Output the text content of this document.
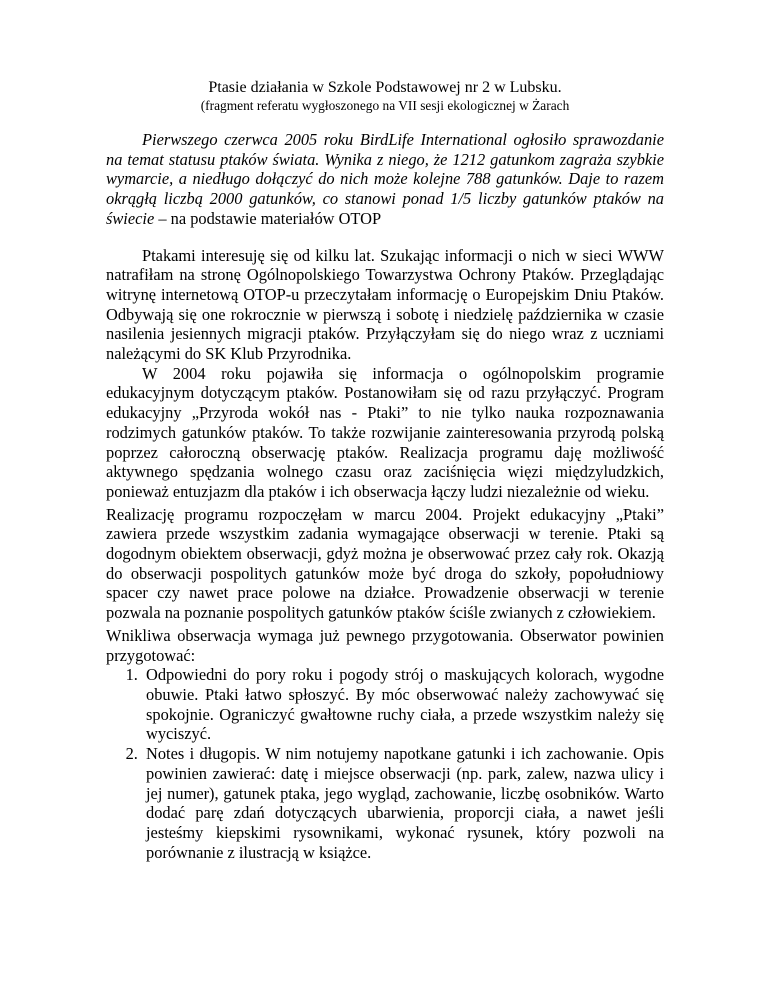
Ptasie działania w Szkole Podstawowej nr 2 w Lubsku.
(fragment referatu wygłoszonego na VII sesji ekologicznej w Żarach

Pierwszego czerwca 2005 roku BirdLife International ogłosiło sprawozdanie na temat statusu ptaków świata. Wynika z niego, że 1212 gatunkom zagraża szybkie wymarcie, a niedługo dołączyć do nich może kolejne 788 gatunków. Daje to razem okrągłą liczbą 2000 gatunków, co stanowi ponad 1/5 liczby gatunków ptaków na świecie – na podstawie materiałów OTOP

Ptakami interesuję się od kilku lat. Szukając informacji o nich w sieci WWW natrafiłam na stronę Ogólnopolskiego Towarzystwa Ochrony Ptaków. Przeglądając witrynę internetową OTOP-u przeczytałam informację o Europejskim Dniu Ptaków. Odbywają się one rokrocznie w pierwszą i sobotę i niedzielę października w czasie nasilenia jesiennych migracji ptaków. Przyłączyłam się do niego wraz z uczniami należącymi do SK Klub Przyrodnika.

W 2004 roku pojawiła się informacja o ogólnopolskim programie edukacyjnym dotyczącym ptaków. Postanowiłam się od razu przyłączyć. Program edukacyjny „Przyroda wokół nas - Ptaki” to nie tylko nauka rozpoznawania rodzimych gatunków ptaków. To także rozwijanie zainteresowania przyrodą polską poprzez całoroczną obserwację ptaków. Realizacja programu daję możliwość aktywnego spędzania wolnego czasu oraz zaciśnięcia więzi międzyludzkich, ponieważ entuzjazm dla ptaków i ich obserwacja łączy ludzi niezależnie od wieku.

Realizację programu rozpoczęłam w marcu 2004. Projekt edukacyjny „Ptaki” zawiera przede wszystkim zadania wymagające obserwacji w terenie. Ptaki są dogodnym obiektem obserwacji, gdyż można je obserwować przez cały rok. Okazją do obserwacji pospolitych gatunków może być droga do szkoły, popołudniowy spacer czy nawet prace polowe na działce. Prowadzenie obserwacji w terenie pozwala na poznanie pospolitych gatunków ptaków ściśle zwianych z człowiekiem.

Wnikliwa obserwacja wymaga już pewnego przygotowania. Obserwator powinien przygotować:

1. Odpowiedni do pory roku i pogody strój o maskujących kolorach, wygodne obuwie. Ptaki łatwo spłoszyć. By móc obserwować należy zachowywać się spokojnie. Ograniczyć gwałtowne ruchy ciała, a przede wszystkim należy się wyciszyć.
2. Notes i długopis. W nim notujemy napotkane gatunki i ich zachowanie. Opis powinien zawierać: datę i miejsce obserwacji (np. park, zalew, nazwa ulicy i jej numer), gatunek ptaka, jego wygląd, zachowanie, liczbę osobników. Warto dodać parę zdań dotyczących ubarwienia, proporcji ciała, a nawet jeśli jesteśmy kiepskimi rysownikami, wykonać rysunek, który pozwoli na porównanie z ilustracją w książce.
